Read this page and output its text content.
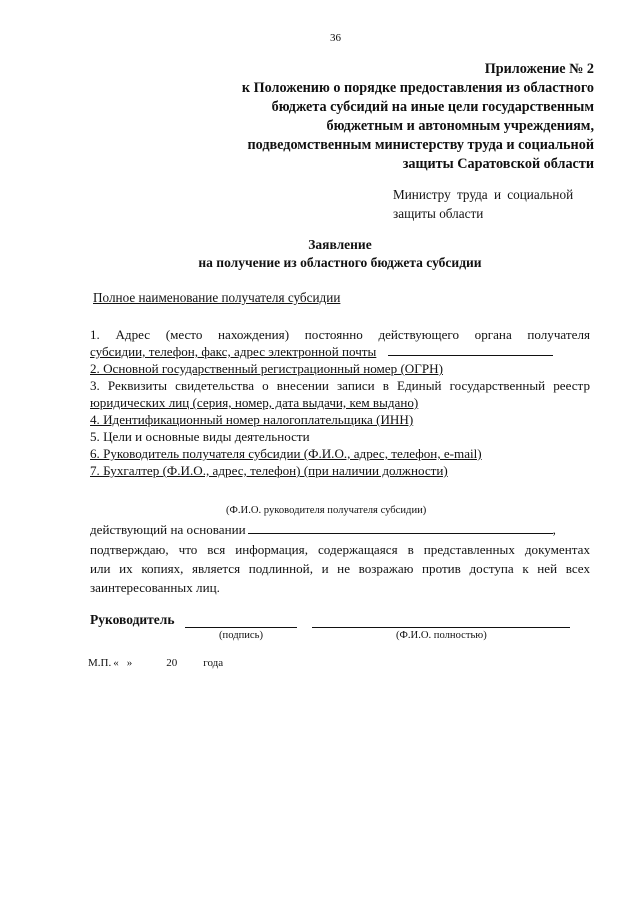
36
Приложение № 2
к Положению о порядке предоставления из областного
бюджета субсидий на иные цели государственным
бюджетным и автономным учреждениям,
подведомственным министерству труда и социальной
защиты Саратовской области
Министру труда и социальной
защиты области
Заявление
на получение из областного бюджета субсидии
Полное наименование получателя субсидии
1. Адрес (место нахождения) постоянно действующего органа получателя
субсидии, телефон, факс, адрес электронной почты
2. Основной государственный регистрационный номер (ОГРН)
3. Реквизиты свидетельства о внесении записи в Единый государственный реестр
юридических лиц (серия, номер, дата выдачи, кем выдано)
4. Идентификационный номер налогоплательщика (ИНН)
5. Цели и основные виды деятельности
6. Руководитель получателя субсидии (Ф.И.О., адрес, телефон, e-mail)
7. Бухгалтер (Ф.И.О., адрес, телефон) (при наличии должности)
(Ф.И.О. руководителя получателя субсидии)
действующий на основании	,
подтверждаю, что вся информация, содержащаяся в представленных документах
или их копиях, является подлинной, и не возражаю против доступа к ней всех
заинтересованных лиц.
Руководитель
(подпись)	(Ф.И.О. полностью)
М.П. « »	20 года
